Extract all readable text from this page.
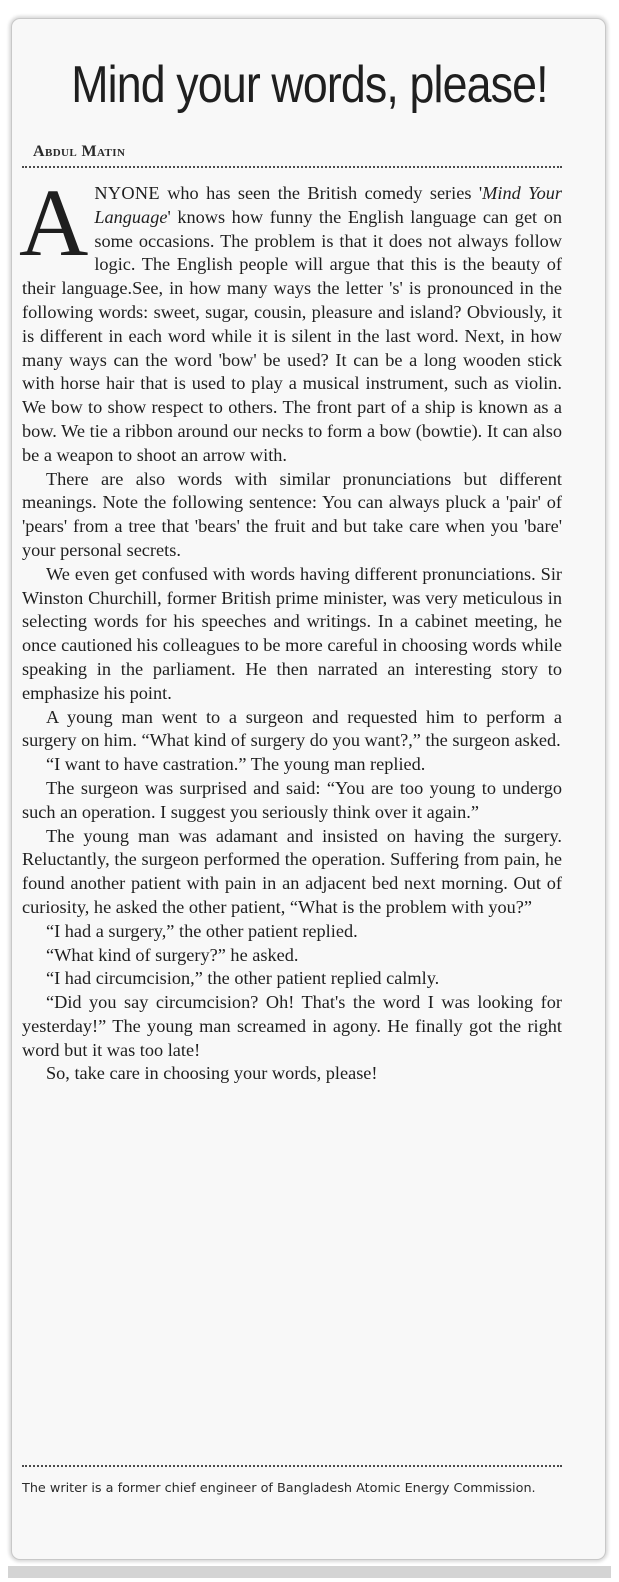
Mind your words, please!
Abdul Matin

ANYONE who has seen the British comedy series 'Mind Your Language' knows how funny the English language can get on some occasions. The problem is that it does not always follow logic. The English people will argue that this is the beauty of their language.See, in how many ways the letter 's' is pronounced in the following words: sweet, sugar, cousin, pleasure and island? Obviously, it is different in each word while it is silent in the last word. Next, in how many ways can the word 'bow' be used? It can be a long wooden stick with horse hair that is used to play a musical instrument, such as violin. We bow to show respect to others. The front part of a ship is known as a bow. We tie a ribbon around our necks to form a bow (bowtie). It can also be a weapon to shoot an arrow with.

There are also words with similar pronunciations but different meanings. Note the following sentence: You can always pluck a 'pair' of 'pears' from a tree that 'bears' the fruit and but take care when you 'bare' your personal secrets.

We even get confused with words having different pronunciations. Sir Winston Churchill, former British prime minister, was very meticulous in selecting words for his speeches and writings. In a cabinet meeting, he once cautioned his colleagues to be more careful in choosing words while speaking in the parliament. He then narrated an interesting story to emphasize his point.

A young man went to a surgeon and requested him to perform a surgery on him. “What kind of surgery do you want?,” the surgeon asked.

“I want to have castration.” The young man replied.

The surgeon was surprised and said: “You are too young to undergo such an operation. I suggest you seriously think over it again.”

The young man was adamant and insisted on having the surgery. Reluctantly, the surgeon performed the operation. Suffering from pain, he found another patient with pain in an adjacent bed next morning. Out of curiosity, he asked the other patient, “What is the problem with you?”

“I had a surgery,” the other patient replied.

“What kind of surgery?” he asked.

“I had circumcision,” the other patient replied calmly.

“Did you say circumcision? Oh! That's the word I was looking for yesterday!” The young man screamed in agony. He finally got the right word but it was too late!

So, take care in choosing your words, please!

The writer is a former chief engineer of Bangladesh Atomic Energy Commission.
